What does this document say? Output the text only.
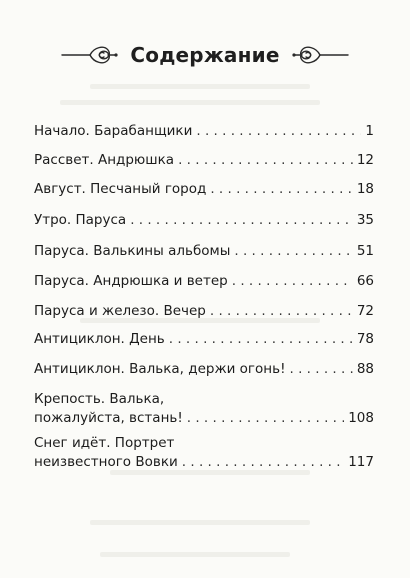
Содержание
Начало. Барабанщики . . .	1
Рассвет. Андрюшка . . .	12
Август. Песчаный город . . .	18
Утро. Паруса . . .	35
Паруса. Валькины альбомы . . .	51
Паруса. Андрюшка и ветер . . .	66
Паруса и железо. Вечер . . .	72
Антициклон. День . . .	78
Антициклон. Валька, держи огонь! . . .	88
Крепость. Валька,
пожалуйста, встань! . . .	108
Снег идёт. Портрет
неизвестного Вовки . . .	117
